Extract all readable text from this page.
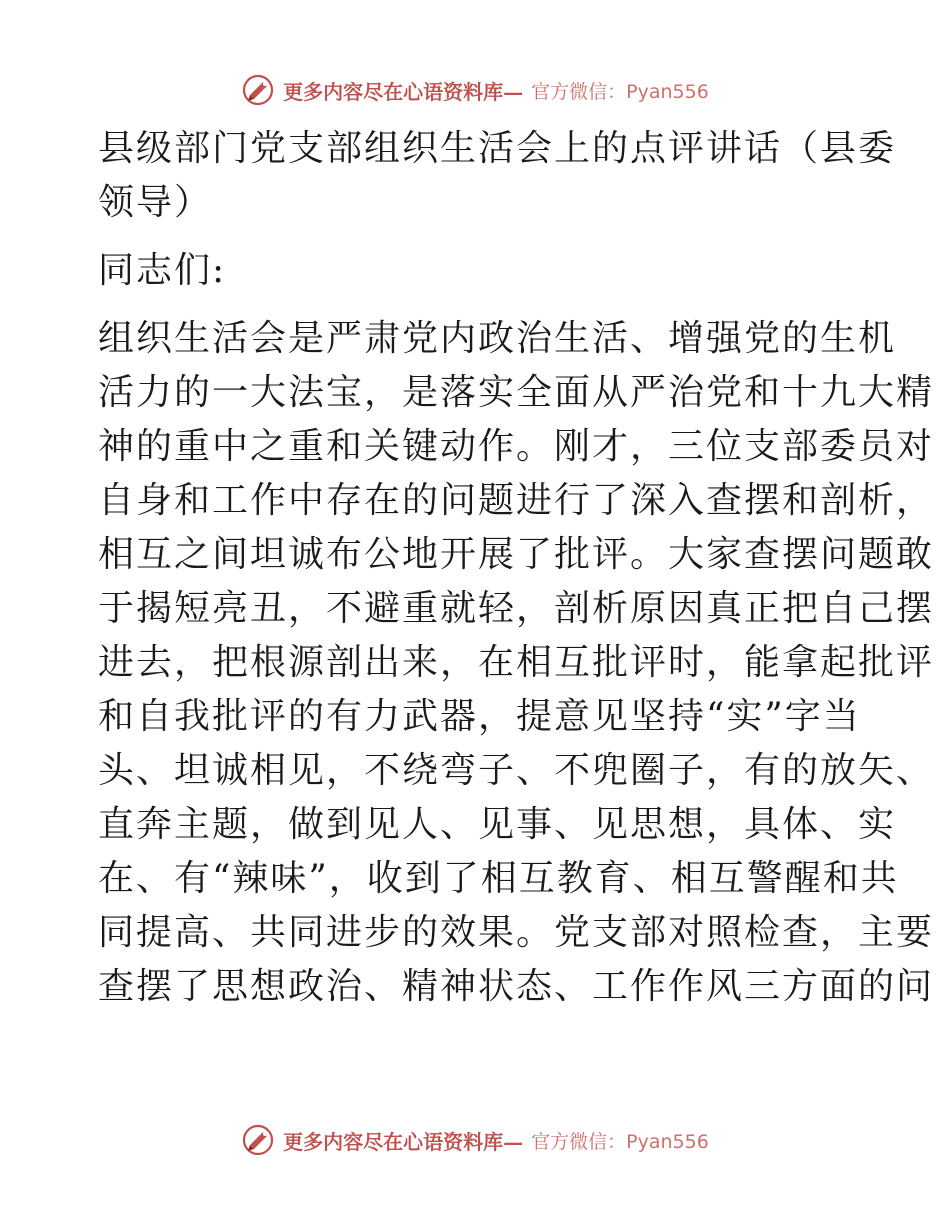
更多内容尽在心语资料库— 官方微信：Pyan556
县级部门党支部组织生活会上的点评讲话（县委
领导）
同志们:
组织生活会是严肃党内政治生活、增强党的生机
活力的一大法宝，是落实全面从严治党和十九大精
神的重中之重和关键动作。刚才，三位支部委员对
自身和工作中存在的问题进行了深入查摆和剖析，
相互之间坦诚布公地开展了批评。大家查摆问题敢
于揭短亮丑，不避重就轻，剖析原因真正把自己摆
进去，把根源剖出来，在相互批评时，能拿起批评
和自我批评的有力武器，提意见坚持“实”字当
头、坦诚相见，不绕弯子、不兜圈子，有的放矢、
直奔主题，做到见人、见事、见思想，具体、实
在、有“辣味”，收到了相互教育、相互警醒和共
同提高、共同进步的效果。党支部对照检查，主要
查摆了思想政治、精神状态、工作作风三方面的问
更多内容尽在心语资料库— 官方微信：Pyan556
